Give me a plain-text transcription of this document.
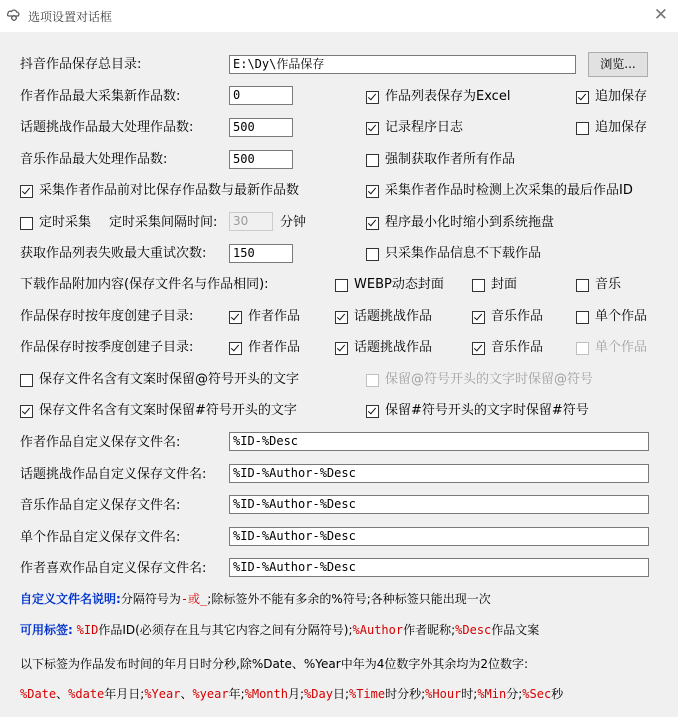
选项设置对话框	✕
抖音作品保存总目录:	E:\Dy\作品保存	浏览...
作者作品最大采集新作品数:	0	作品列表保存为Excel	追加保存
话题挑战作品最大处理作品数:	500	记录程序日志	追加保存
音乐作品最大处理作品数:	500	强制获取作者所有作品
采集作者作品前对比保存作品数与最新作品数	采集作者作品时检测上次采集的最后作品ID
定时采集 定时采集间隔时间:	30	分钟	程序最小化时缩小到系统拖盘
获取作品列表失败最大重试次数:	150	只采集作品信息不下载作品
下载作品附加内容(保存文件名与作品相同):	WEBP动态封面	封面	音乐
作品保存时按年度创建子目录:	作者作品	话题挑战作品	音乐作品	单个作品
作品保存时按季度创建子目录:	作者作品	话题挑战作品	音乐作品	单个作品
保存文件名含有文案时保留@符号开头的文字	保留@符号开头的文字时保留@符号
保存文件名含有文案时保留#符号开头的文字	保留#符号开头的文字时保留#符号
作者作品自定义保存文件名:	%ID-%Desc
话题挑战作品自定义保存文件名:	%ID-%Author-%Desc
音乐作品自定义保存文件名:	%ID-%Author-%Desc
单个作品自定义保存文件名:	%ID-%Author-%Desc
作者喜欢作品自定义保存文件名:	%ID-%Author-%Desc
自定义文件名说明:分隔符号为-或_;除标签外不能有多余的%符号;各种标签只能出现一次
可用标签: %ID作品ID(必须存在且与其它内容之间有分隔符号);%Author作者昵称;%Desc作品文案
以下标签为作品发布时间的年月日时分秒,除%Date、%Year中年为4位数字外其余均为2位数字:
%Date、%date年月日;%Year、%year年;%Month月;%Day日;%Time时分秒;%Hour时;%Min分;%Sec秒
